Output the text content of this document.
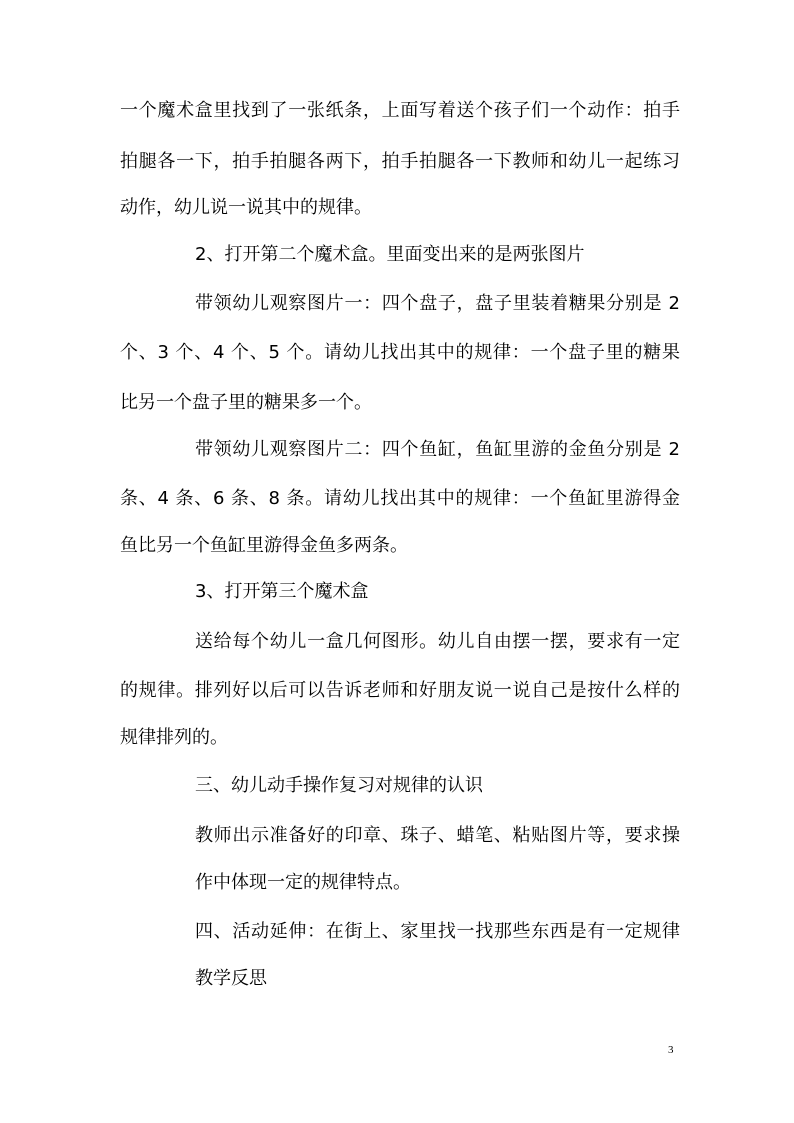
一个魔术盒里找到了一张纸条，上面写着送个孩子们一个动作：拍手

拍腿各一下，拍手拍腿各两下，拍手拍腿各一下教师和幼儿一起练习

动作，幼儿说一说其中的规律。

2、打开第二个魔术盒。里面变出来的是两张图片

带领幼儿观察图片一：四个盘子，盘子里装着糖果分别是 2

个、3 个、4 个、5 个。请幼儿找出其中的规律：一个盘子里的糖果

比另一个盘子里的糖果多一个。

带领幼儿观察图片二：四个鱼缸，鱼缸里游的金鱼分别是 2

条、4 条、6 条、8 条。请幼儿找出其中的规律：一个鱼缸里游得金

鱼比另一个鱼缸里游得金鱼多两条。

3、打开第三个魔术盒

送给每个幼儿一盒几何图形。幼儿自由摆一摆，要求有一定

的规律。排列好以后可以告诉老师和好朋友说一说自己是按什么样的

规律排列的。

三、幼儿动手操作复习对规律的认识

教师出示准备好的印章、珠子、蜡笔、粘贴图片等，要求操

作中体现一定的规律特点。

四、活动延伸：在街上、家里找一找那些东西是有一定规律

教学反思

3
